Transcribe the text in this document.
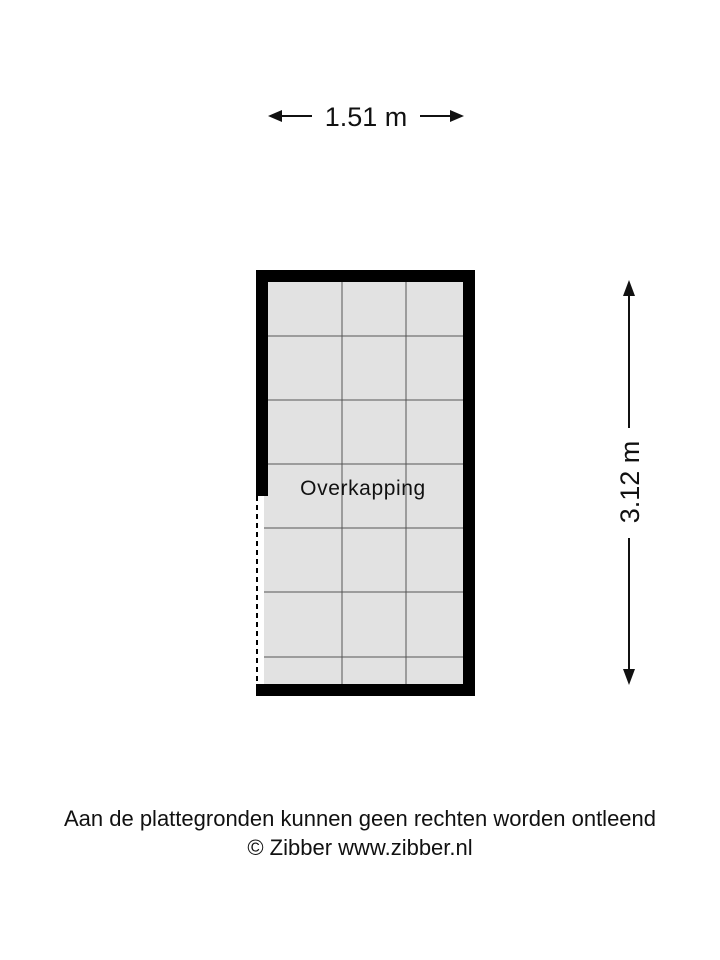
1.51 m
3.12 m
Overkapping
Aan de plattegronden kunnen geen rechten worden ontleend
© Zibber www.zibber.nl
